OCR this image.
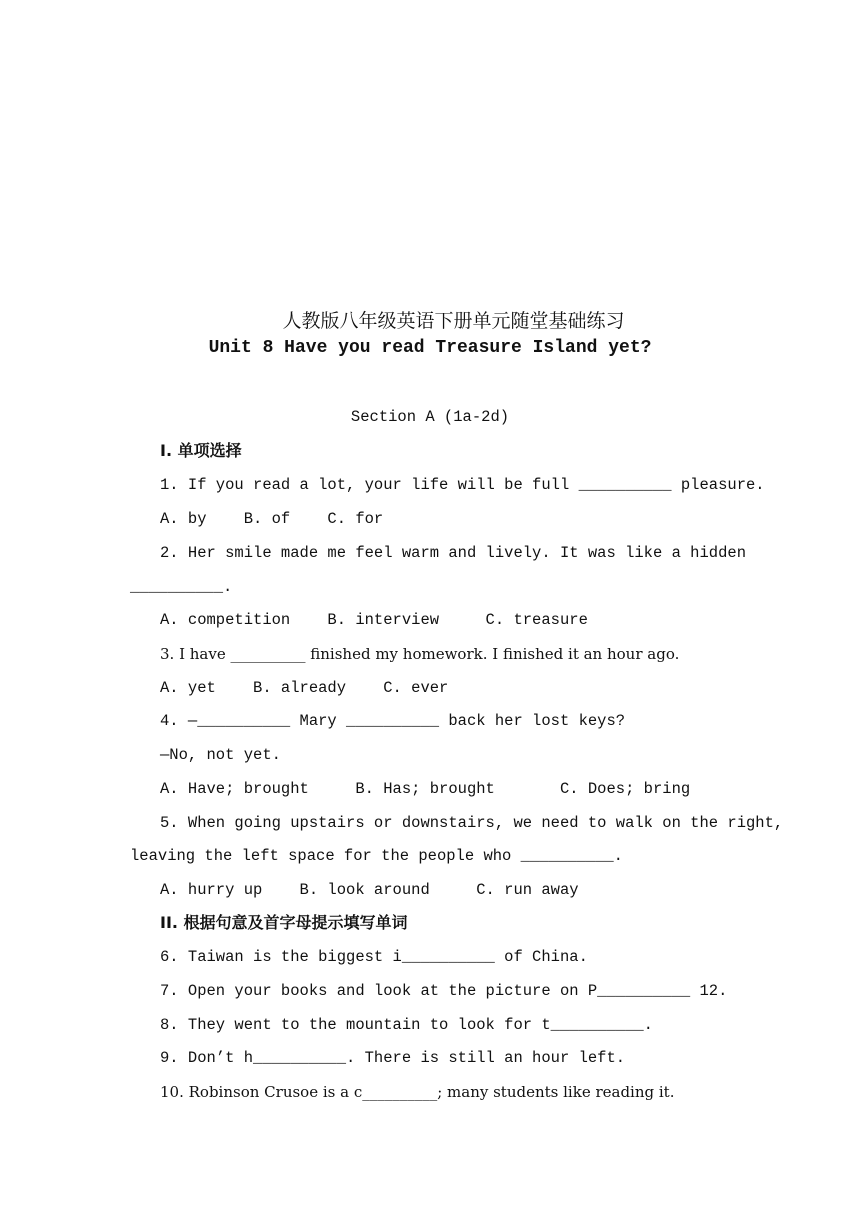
人教版八年级英语下册单元随堂基础练习
Unit 8 Have you read Treasure Island yet?
Section A (1a-2d)
I. 单项选择
1. If you read a lot, your life will be full __________ pleasure.
A. by    B. of    C. for
2. Her smile made me feel warm and lively. It was like a hidden
__________.
A. competition    B. interview     C. treasure
3. I have __________ finished my homework. I finished it an hour ago.
A. yet    B. already    C. ever
4. —__________ Mary __________ back her lost keys?
—No, not yet.
A. Have; brought     B. Has; brought       C. Does; bring
5. When going upstairs or downstairs, we need to walk on the right,
leaving the left space for the people who __________.
A. hurry up    B. look around     C. run away
II. 根据句意及首字母提示填写单词
6. Taiwan is the biggest i__________ of China.
7. Open your books and look at the picture on P__________ 12.
8. They went to the mountain to look for t__________.
9. Don’t h__________. There is still an hour left.
10. Robinson Crusoe is a c__________; many students like reading it.
